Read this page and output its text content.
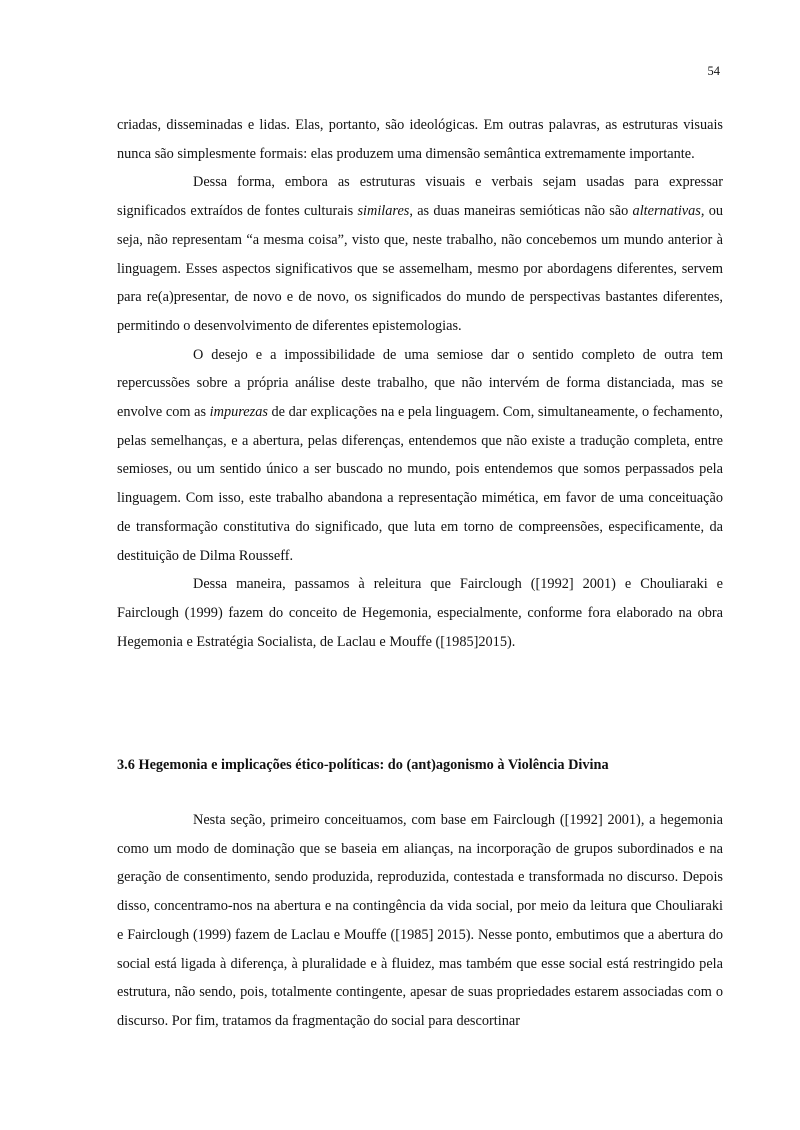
54

criadas, disseminadas e lidas. Elas, portanto, são ideológicas. Em outras palavras, as estruturas visuais nunca são simplesmente formais: elas produzem uma dimensão semântica extremamente importante.

Dessa forma, embora as estruturas visuais e verbais sejam usadas para expressar significados extraídos de fontes culturais similares, as duas maneiras semióticas não são alternativas, ou seja, não representam “a mesma coisa”, visto que, neste trabalho, não concebemos um mundo anterior à linguagem. Esses aspectos significativos que se assemelham, mesmo por abordagens diferentes, servem para re(a)presentar, de novo e de novo, os significados do mundo de perspectivas bastantes diferentes, permitindo o desenvolvimento de diferentes epistemologias.

O desejo e a impossibilidade de uma semiose dar o sentido completo de outra tem repercussões sobre a própria análise deste trabalho, que não intervém de forma distanciada, mas se envolve com as impurezas de dar explicações na e pela linguagem. Com, simultaneamente, o fechamento, pelas semelhanças, e a abertura, pelas diferenças, entendemos que não existe a tradução completa, entre semioses, ou um sentido único a ser buscado no mundo, pois entendemos que somos perpassados pela linguagem. Com isso, este trabalho abandona a representação mimética, em favor de uma conceituação de transformação constitutiva do significado, que luta em torno de compreensões, especificamente, da destituição de Dilma Rousseff.

Dessa maneira, passamos à releitura que Fairclough ([1992] 2001) e Chouliaraki e Fairclough (1999) fazem do conceito de Hegemonia, especialmente, conforme fora elaborado na obra Hegemonia e Estratégia Socialista, de Laclau e Mouffe ([1985]2015).

3.6 Hegemonia e implicações ético-políticas: do (ant)agonismo à Violência Divina

Nesta seção, primeiro conceituamos, com base em Fairclough ([1992] 2001), a hegemonia como um modo de dominação que se baseia em alianças, na incorporação de grupos subordinados e na geração de consentimento, sendo produzida, reproduzida, contestada e transformada no discurso. Depois disso, concentramo-nos na abertura e na contingência da vida social, por meio da leitura que Chouliaraki e Fairclough (1999) fazem de Laclau e Mouffe ([1985] 2015). Nesse ponto, embutimos que a abertura do social está ligada à diferença, à pluralidade e à fluidez, mas também que esse social está restringido pela estrutura, não sendo, pois, totalmente contingente, apesar de suas propriedades estarem associadas com o discurso. Por fim, tratamos da fragmentação do social para descortinar
